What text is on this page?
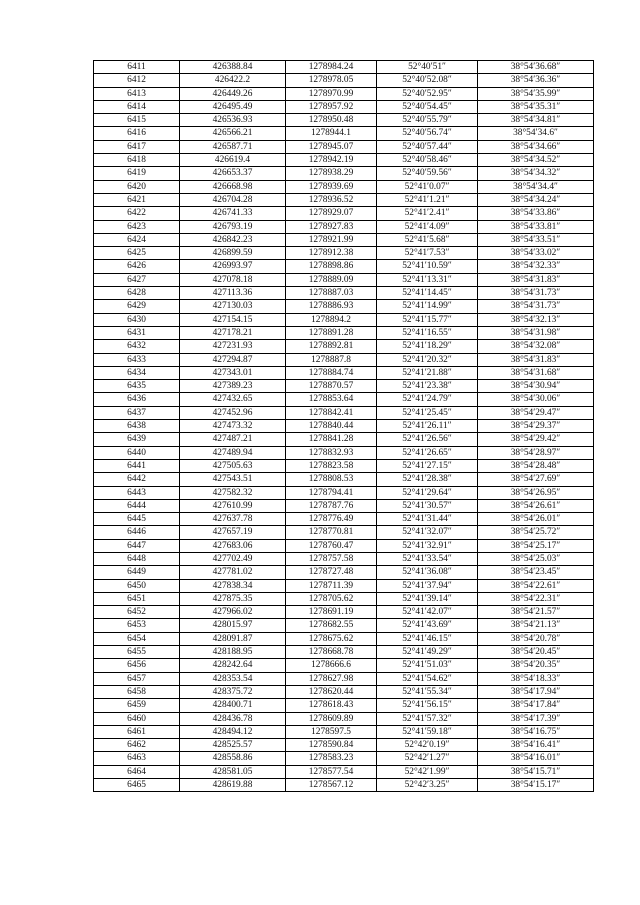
6411	426388.84	1278984.24	52°40′51″	38°54′36.68″
6412	426422.2	1278978.05	52°40′52.08″	38°54′36.36″
6413	426449.26	1278970.99	52°40′52.95″	38°54′35.99″
6414	426495.49	1278957.92	52°40′54.45″	38°54′35.31″
6415	426536.93	1278950.48	52°40′55.79″	38°54′34.81″
6416	426566.21	1278944.1	52°40′56.74″	38°54′34.6″
6417	426587.71	1278945.07	52°40′57.44″	38°54′34.66″
6418	426619.4	1278942.19	52°40′58.46″	38°54′34.52″
6419	426653.37	1278938.29	52°40′59.56″	38°54′34.32″
6420	426668.98	1278939.69	52°41′0.07″	38°54′34.4″
6421	426704.28	1278936.52	52°41′1.21″	38°54′34.24″
6422	426741.33	1278929.07	52°41′2.41″	38°54′33.86″
6423	426793.19	1278927.83	52°41′4.09″	38°54′33.81″
6424	426842.23	1278921.99	52°41′5.68″	38°54′33.51″
6425	426899.59	1278912.38	52°41′7.53″	38°54′33.02″
6426	426993.97	1278898.86	52°41′10.59″	38°54′32.33″
6427	427078.18	1278889.09	52°41′13.31″	38°54′31.83″
6428	427113.36	1278887.03	52°41′14.45″	38°54′31.73″
6429	427130.03	1278886.93	52°41′14.99″	38°54′31.73″
6430	427154.15	1278894.2	52°41′15.77″	38°54′32.13″
6431	427178.21	1278891.28	52°41′16.55″	38°54′31.98″
6432	427231.93	1278892.81	52°41′18.29″	38°54′32.08″
6433	427294.87	1278887.8	52°41′20.32″	38°54′31.83″
6434	427343.01	1278884.74	52°41′21.88″	38°54′31.68″
6435	427389.23	1278870.57	52°41′23.38″	38°54′30.94″
6436	427432.65	1278853.64	52°41′24.79″	38°54′30.06″
6437	427452.96	1278842.41	52°41′25.45″	38°54′29.47″
6438	427473.32	1278840.44	52°41′26.11″	38°54′29.37″
6439	427487.21	1278841.28	52°41′26.56″	38°54′29.42″
6440	427489.94	1278832.93	52°41′26.65″	38°54′28.97″
6441	427505.63	1278823.58	52°41′27.15″	38°54′28.48″
6442	427543.51	1278808.53	52°41′28.38″	38°54′27.69″
6443	427582.32	1278794.41	52°41′29.64″	38°54′26.95″
6444	427610.99	1278787.76	52°41′30.57″	38°54′26.61″
6445	427637.78	1278776.49	52°41′31.44″	38°54′26.01″
6446	427657.19	1278770.81	52°41′32.07″	38°54′25.72″
6447	427683.06	1278760.47	52°41′32.91″	38°54′25.17″
6448	427702.49	1278757.58	52°41′33.54″	38°54′25.03″
6449	427781.02	1278727.48	52°41′36.08″	38°54′23.45″
6450	427838.34	1278711.39	52°41′37.94″	38°54′22.61″
6451	427875.35	1278705.62	52°41′39.14″	38°54′22.31″
6452	427966.02	1278691.19	52°41′42.07″	38°54′21.57″
6453	428015.97	1278682.55	52°41′43.69″	38°54′21.13″
6454	428091.87	1278675.62	52°41′46.15″	38°54′20.78″
6455	428188.95	1278668.78	52°41′49.29″	38°54′20.45″
6456	428242.64	1278666.6	52°41′51.03″	38°54′20.35″
6457	428353.54	1278627.98	52°41′54.62″	38°54′18.33″
6458	428375.72	1278620.44	52°41′55.34″	38°54′17.94″
6459	428400.71	1278618.43	52°41′56.15″	38°54′17.84″
6460	428436.78	1278609.89	52°41′57.32″	38°54′17.39″
6461	428494.12	1278597.5	52°41′59.18″	38°54′16.75″
6462	428525.57	1278590.84	52°42′0.19″	38°54′16.41″
6463	428558.86	1278583.23	52°42′1.27″	38°54′16.01″
6464	428581.05	1278577.54	52°42′1.99″	38°54′15.71″
6465	428619.88	1278567.12	52°42′3.25″	38°54′15.17″
